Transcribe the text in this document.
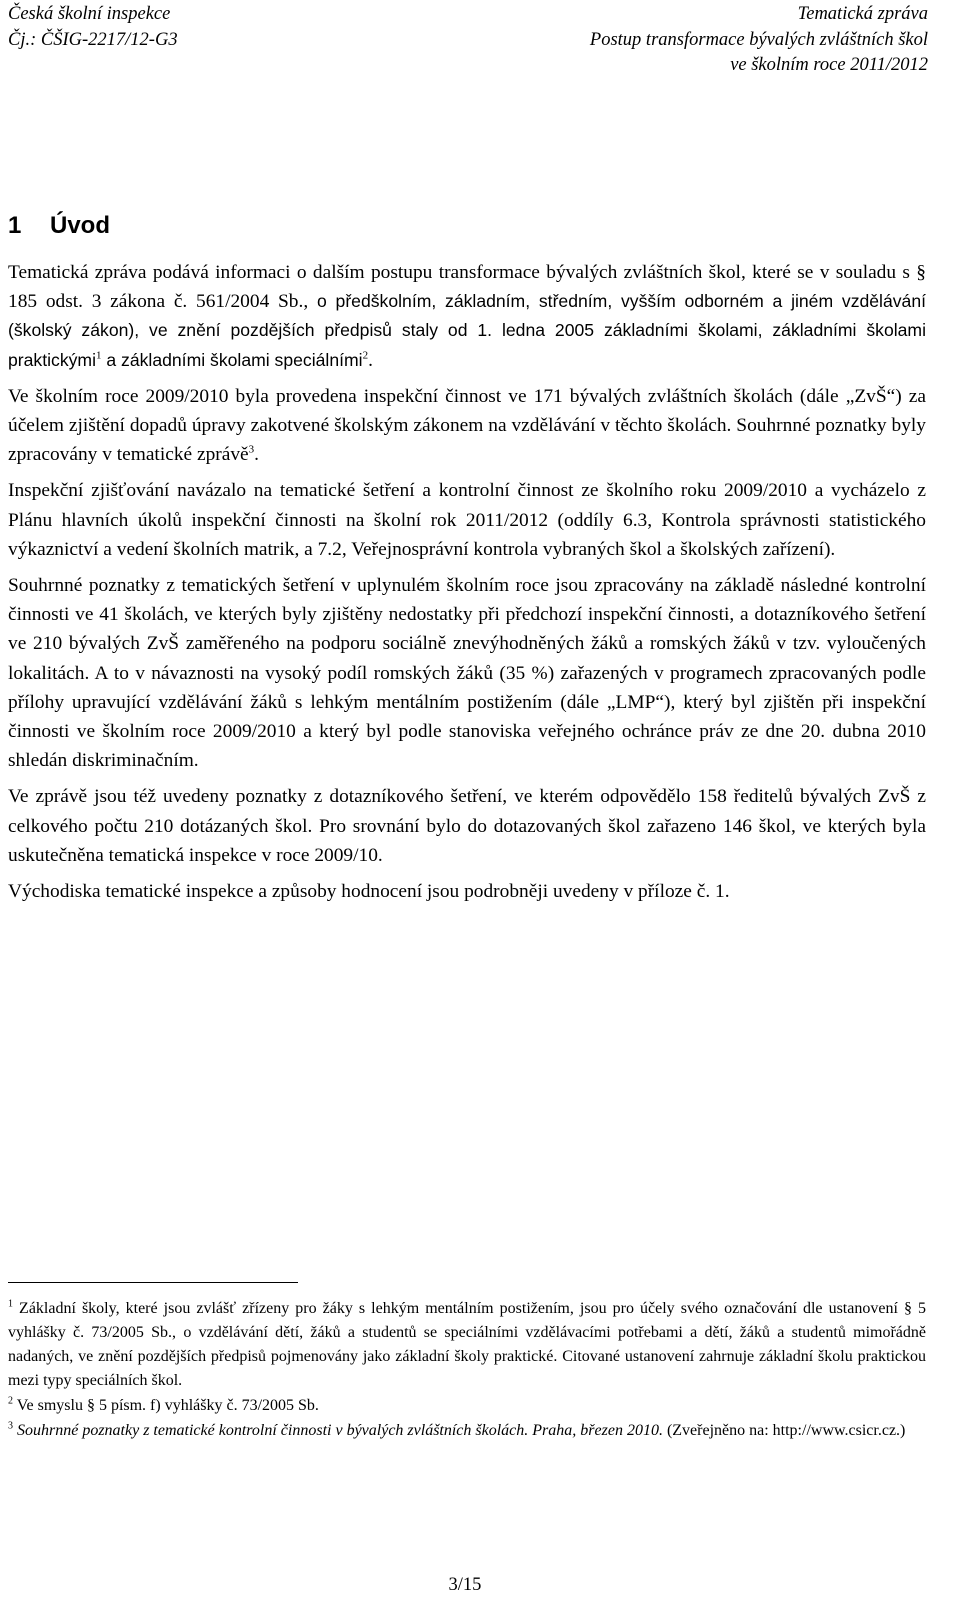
Česká školní inspekce
Čj.: ČŠIG-2217/12-G3
Tematická zpráva
Postup transformace bývalých zvláštních škol
ve školním roce 2011/2012
1 Úvod

Tematická zpráva podává informaci o dalším postupu transformace bývalých zvláštních škol, které se v souladu s § 185 odst. 3 zákona č. 561/2004 Sb., o předškolním, základním, středním, vyšším odborném a jiném vzdělávání (školský zákon), ve znění pozdějších předpisů staly od 1. ledna 2005 základními školami, základními školami praktickými$^1$ a základními školami speciálními$^2$.

Ve školním roce 2009/2010 byla provedena inspekční činnost ve 171 bývalých zvláštních školách (dále „ZvŠ“) za účelem zjištění dopadů úpravy zakotvené školským zákonem na vzdělávání v těchto školách. Souhrnné poznatky byly zpracovány v tematické zprávě$^3$.

Inspekční zjišťování navázalo na tematické šetření a kontrolní činnost ze školního roku 2009/2010 a vycházelo z Plánu hlavních úkolů inspekční činnosti na školní rok 2011/2012 (oddíly 6.3, Kontrola správnosti statistického výkaznictví a vedení školních matrik, a 7.2, Veřejnosprávní kontrola vybraných škol a školských zařízení).

Souhrnné poznatky z tematických šetření v uplynulém školním roce jsou zpracovány na základě následné kontrolní činnosti ve 41 školách, ve kterých byly zjištěny nedostatky při předchozí inspekční činnosti, a dotazníkového šetření ve 210 bývalých ZvŠ zaměřeného na podporu sociálně znevýhodněných žáků a romských žáků v tzv. vyloučených lokalitách. A to v návaznosti na vysoký podíl romských žáků (35 %) zařazených v programech zpracovaných podle přílohy upravující vzdělávání žáků s lehkým mentálním postižením (dále „LMP“), který byl zjištěn při inspekční činnosti ve školním roce 2009/2010 a který byl podle stanoviska veřejného ochránce práv ze dne 20. dubna 2010 shledán diskriminačním.

Ve zprávě jsou též uvedeny poznatky z dotazníkového šetření, ve kterém odpovědělo 158 ředitelů bývalých ZvŠ z celkového počtu 210 dotázaných škol. Pro srovnání bylo do dotazovaných škol zařazeno 146 škol, ve kterých byla uskutečněna tematická inspekce v roce 2009/10.

Východiska tematické inspekce a způsoby hodnocení jsou podrobněji uvedeny v příloze č. 1.

$^1$ Základní školy, které jsou zvlášť zřízeny pro žáky s lehkým mentálním postižením, jsou pro účely svého označování dle ustanovení § 5 vyhlášky č. 73/2005 Sb., o vzdělávání dětí, žáků a studentů se speciálními vzdělávacími potřebami a dětí, žáků a studentů mimořádně nadaných, ve znění pozdějších předpisů pojmenovány jako základní školy praktické. Citované ustanovení zahrnuje základní školu praktickou mezi typy speciálních škol.

$^2$ Ve smyslu § 5 písm. f) vyhlášky č. 73/2005 Sb.

$^3$ Souhrnné poznatky z tematické kontrolní činnosti v bývalých zvláštních školách. Praha, březen 2010. (Zveřejněno na: http://www.csicr.cz.)

3/15
